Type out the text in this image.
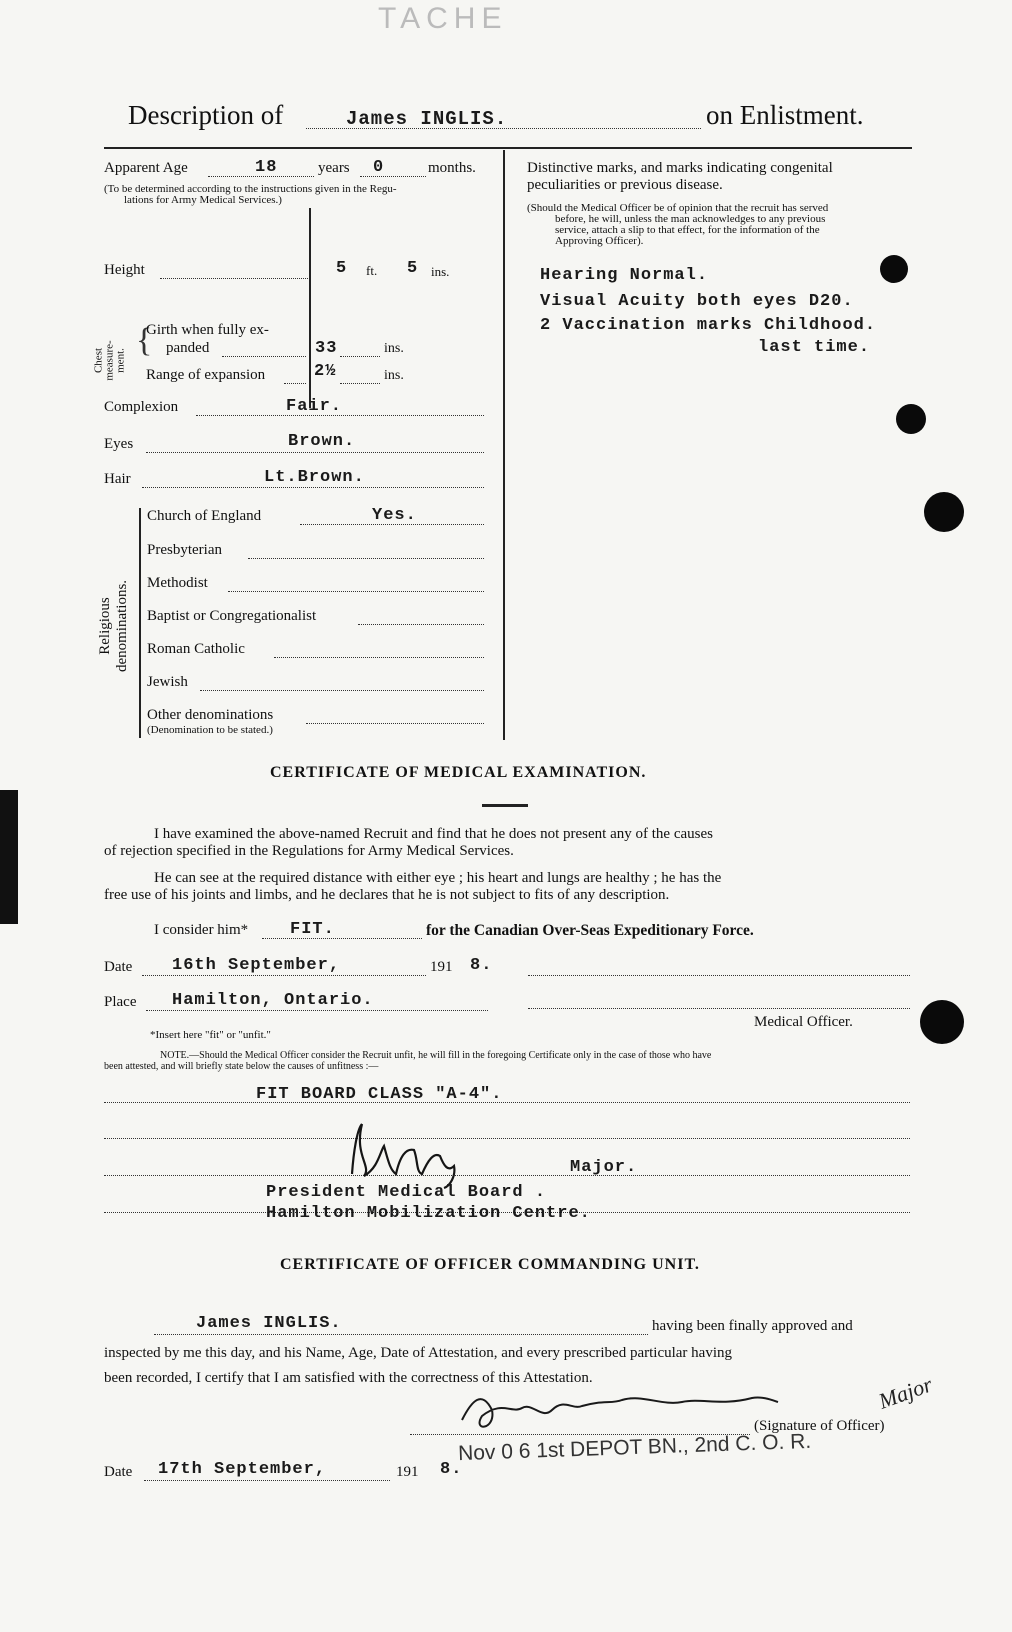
TACHE
Description of	James INGLIS.	on Enlistment.
Apparent Age	18	years 0	months.
(To be determined according to the instructions given in the Regu-
lations for Army Medical Services.)
Height	5 ft. 5 ins.
Chest
measure-
ment.
{
Girth when fully ex-
panded	33	ins.
Range of expansion	2½	ins.
Complexion	Fair.
Eyes	Brown.
Hair	Lt.Brown.
Religious
denominations.
Church of England	Yes.
Presbyterian
Methodist
Baptist or Congregationalist
Roman Catholic
Jewish
Other denominations
(Denomination to be stated.)
Distinctive marks, and marks indicating congenital
peculiarities or previous disease.
(Should the Medical Officer be of opinion that the recruit has served
before, he will, unless the man acknowledges to any previous
service, attach a slip to that effect, for the information of the
Approving Officer).
Hearing Normal.
Visual Acuity both eyes D20.
2 Vaccination marks Childhood.
last time.
CERTIFICATE OF MEDICAL EXAMINATION.
I have examined the above-named Recruit and find that he does not present any of the causes
of rejection specified in the Regulations for Army Medical Services.
He can see at the required distance with either eye ; his heart and lungs are healthy ; he has the
free use of his joints and limbs, and he declares that he is not subject to fits of any description.
I consider him* FIT.	for the Canadian Over-Seas Expeditionary Force.
Date 16th September,	191 8.
Place Hamilton, Ontario.
Medical Officer.
*Insert here "fit" or "unfit."
NOTE.—Should the Medical Officer consider the Recruit unfit, he will fill in the foregoing Certificate only in the case of those who have
been attested, and will briefly state below the causes of unfitness :—
FIT BOARD CLASS "A-4".
Major.
President Medical Board .
Hamilton Mobilization Centre.
CERTIFICATE OF OFFICER COMMANDING UNIT.
James INGLIS.	having been finally approved and
inspected by me this day, and his Name, Age, Date of Attestation, and every prescribed particular having
been recorded, I certify that I am satisfied with the correctness of this Attestation.
(Signature of Officer)
Major
Nov 0 6 1st DEPOT BN., 2nd C. O. R.
Date 17th September,	191 8.
